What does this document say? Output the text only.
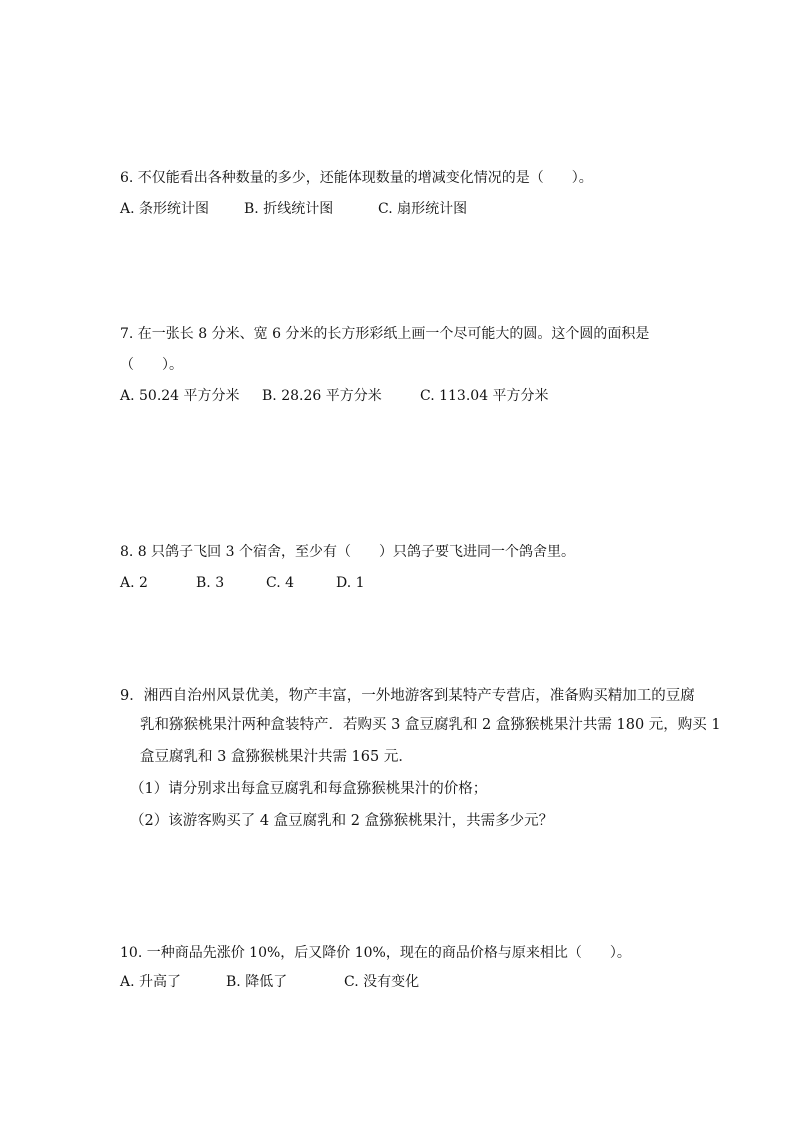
6. 不仅能看出各种数量的多少，还能体现数量的增减变化情况的是（　　）。
A. 条形统计图 B. 折线统计图	C. 扇形统计图
7. 在一张长 8 分米、宽 6 分米的长方形彩纸上画一个尽可能大的圆。这个圆的面积是
（　　）。
A. 50.24 平方分米 B. 28.26 平方分米	C. 113.04 平方分米
8. 8 只鸽子飞回 3 个宿舍，至少有（　　）只鸽子要飞进同一个鸽舍里。
A. 2	B. 3	C. 4	D. 1
9．湘西自治州风景优美，物产丰富，一外地游客到某特产专营店，准备购买精加工的豆腐
乳和猕猴桃果汁两种盒装特产．若购买 3 盒豆腐乳和 2 盒猕猴桃果汁共需 180 元，购买 1
盒豆腐乳和 3 盒猕猴桃果汁共需 165 元．
（1）请分别求出每盒豆腐乳和每盒猕猴桃果汁的价格；
（2）该游客购买了 4 盒豆腐乳和 2 盒猕猴桃果汁，共需多少元？
10. 一种商品先涨价 10%，后又降价 10%，现在的商品价格与原来相比（　　）。
A. 升高了	B. 降低了	C. 没有变化
